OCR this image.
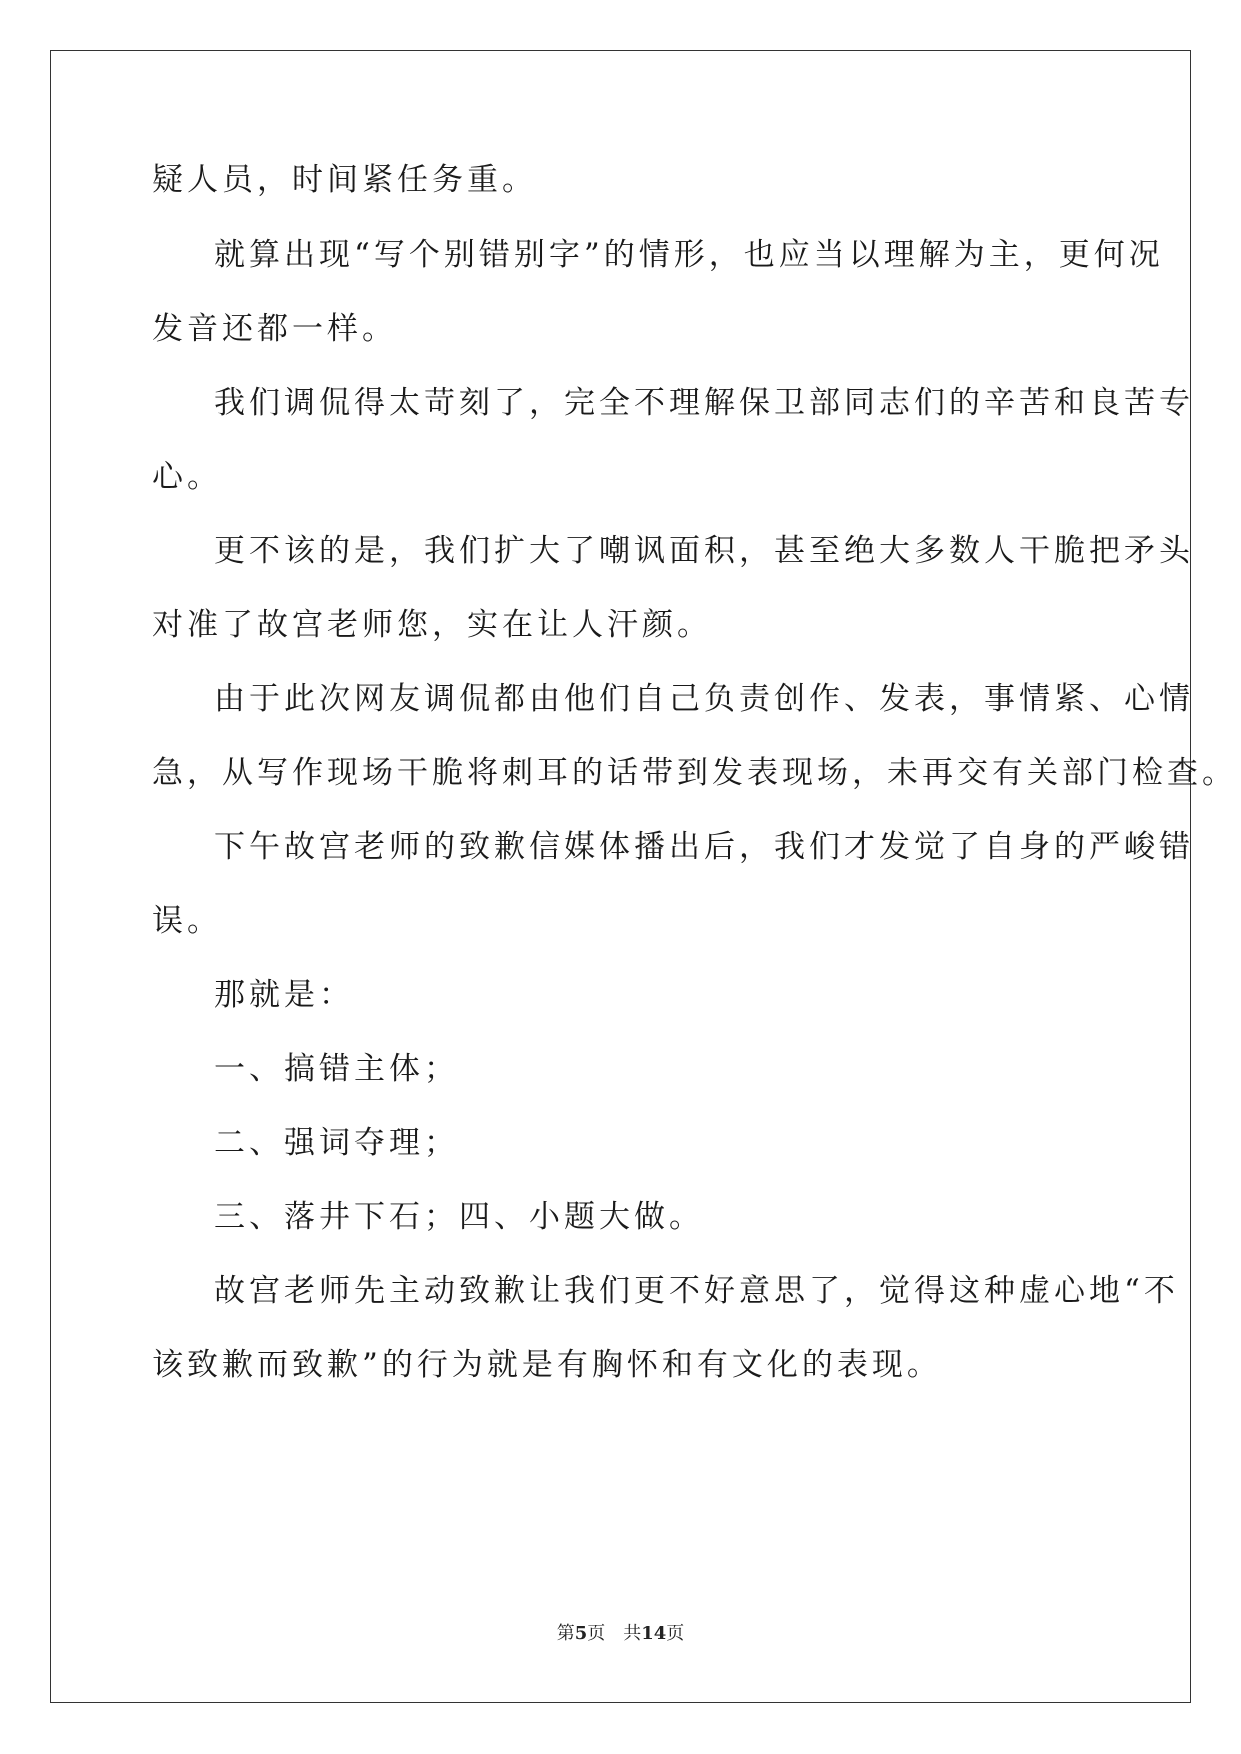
疑人员，时间紧任务重。
就算出现“写个别错别字”的情形，也应当以理解为主，更何况
发音还都一样。
我们调侃得太苛刻了，完全不理解保卫部同志们的辛苦和良苦专
心。
更不该的是，我们扩大了嘲讽面积，甚至绝大多数人干脆把矛头
对准了故宫老师您，实在让人汗颜。
由于此次网友调侃都由他们自己负责创作、发表，事情紧、心情
急，从写作现场干脆将刺耳的话带到发表现场，未再交有关部门检查。
下午故宫老师的致歉信媒体播出后，我们才发觉了自身的严峻错
误。
那就是：
一、搞错主体；
二、强词夺理；
三、落井下石；四、小题大做。
故宫老师先主动致歉让我们更不好意思了，觉得这种虚心地“不
该致歉而致歉”的行为就是有胸怀和有文化的表现。
第5页　共14页
